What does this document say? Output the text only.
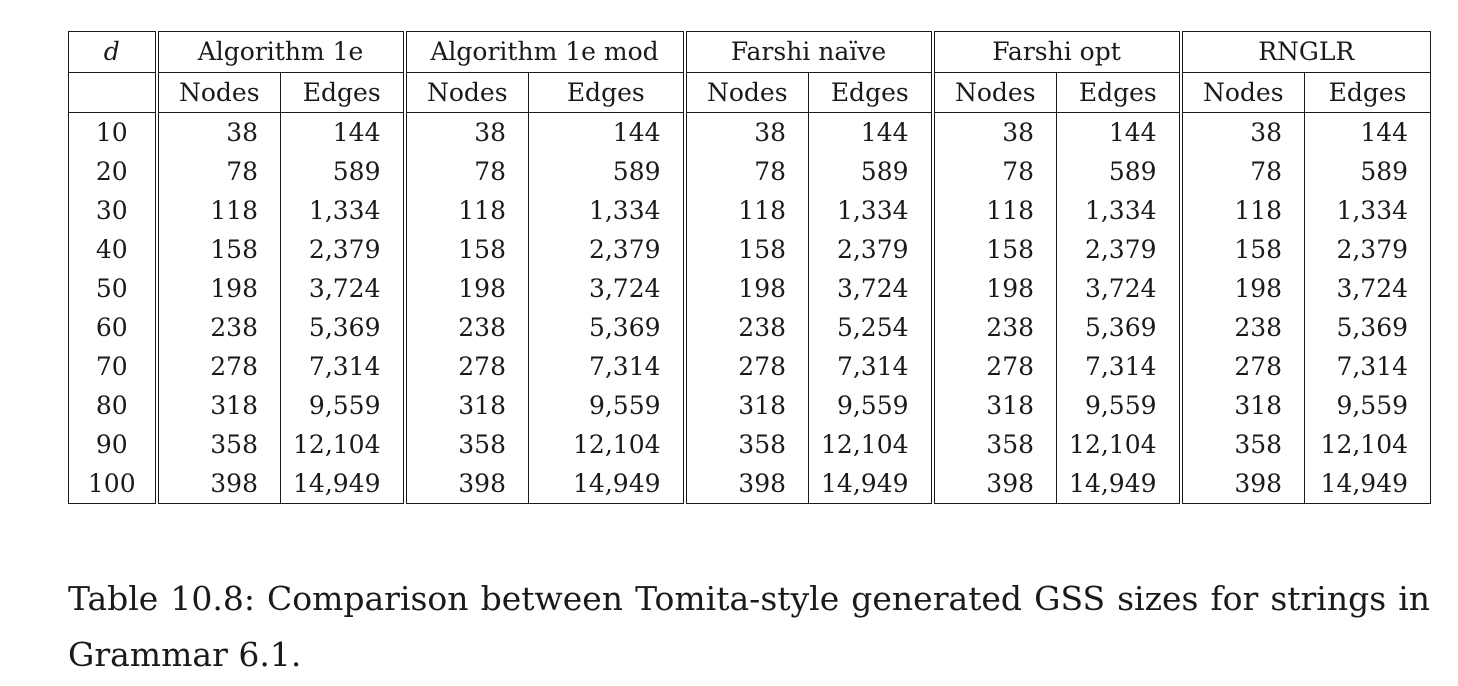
d	Algorithm 1e		Algorithm 1e mod		Farshi naïve		Farshi opt		RNGLR	
	Nodes	Edges	Nodes	Edges	Nodes	Edges	Nodes	Edges	Nodes	Edges
10	38	144	38	144	38	144	38	144	38	144
20	78	589	78	589	78	589	78	589	78	589
30	118	1,334	118	1,334	118	1,334	118	1,334	118	1,334
40	158	2,379	158	2,379	158	2,379	158	2,379	158	2,379
50	198	3,724	198	3,724	198	3,724	198	3,724	198	3,724
60	238	5,369	238	5,369	238	5,254	238	5,369	238	5,369
70	278	7,314	278	7,314	278	7,314	278	7,314	278	7,314
80	318	9,559	318	9,559	318	9,559	318	9,559	318	9,559
90	358	12,104	358	12,104	358	12,104	358	12,104	358	12,104
100	398	14,949	398	14,949	398	14,949	398	14,949	398	14,949
Table 10.8: Comparison between Tomita-style generated GSS sizes for strings in Grammar 6.1.
